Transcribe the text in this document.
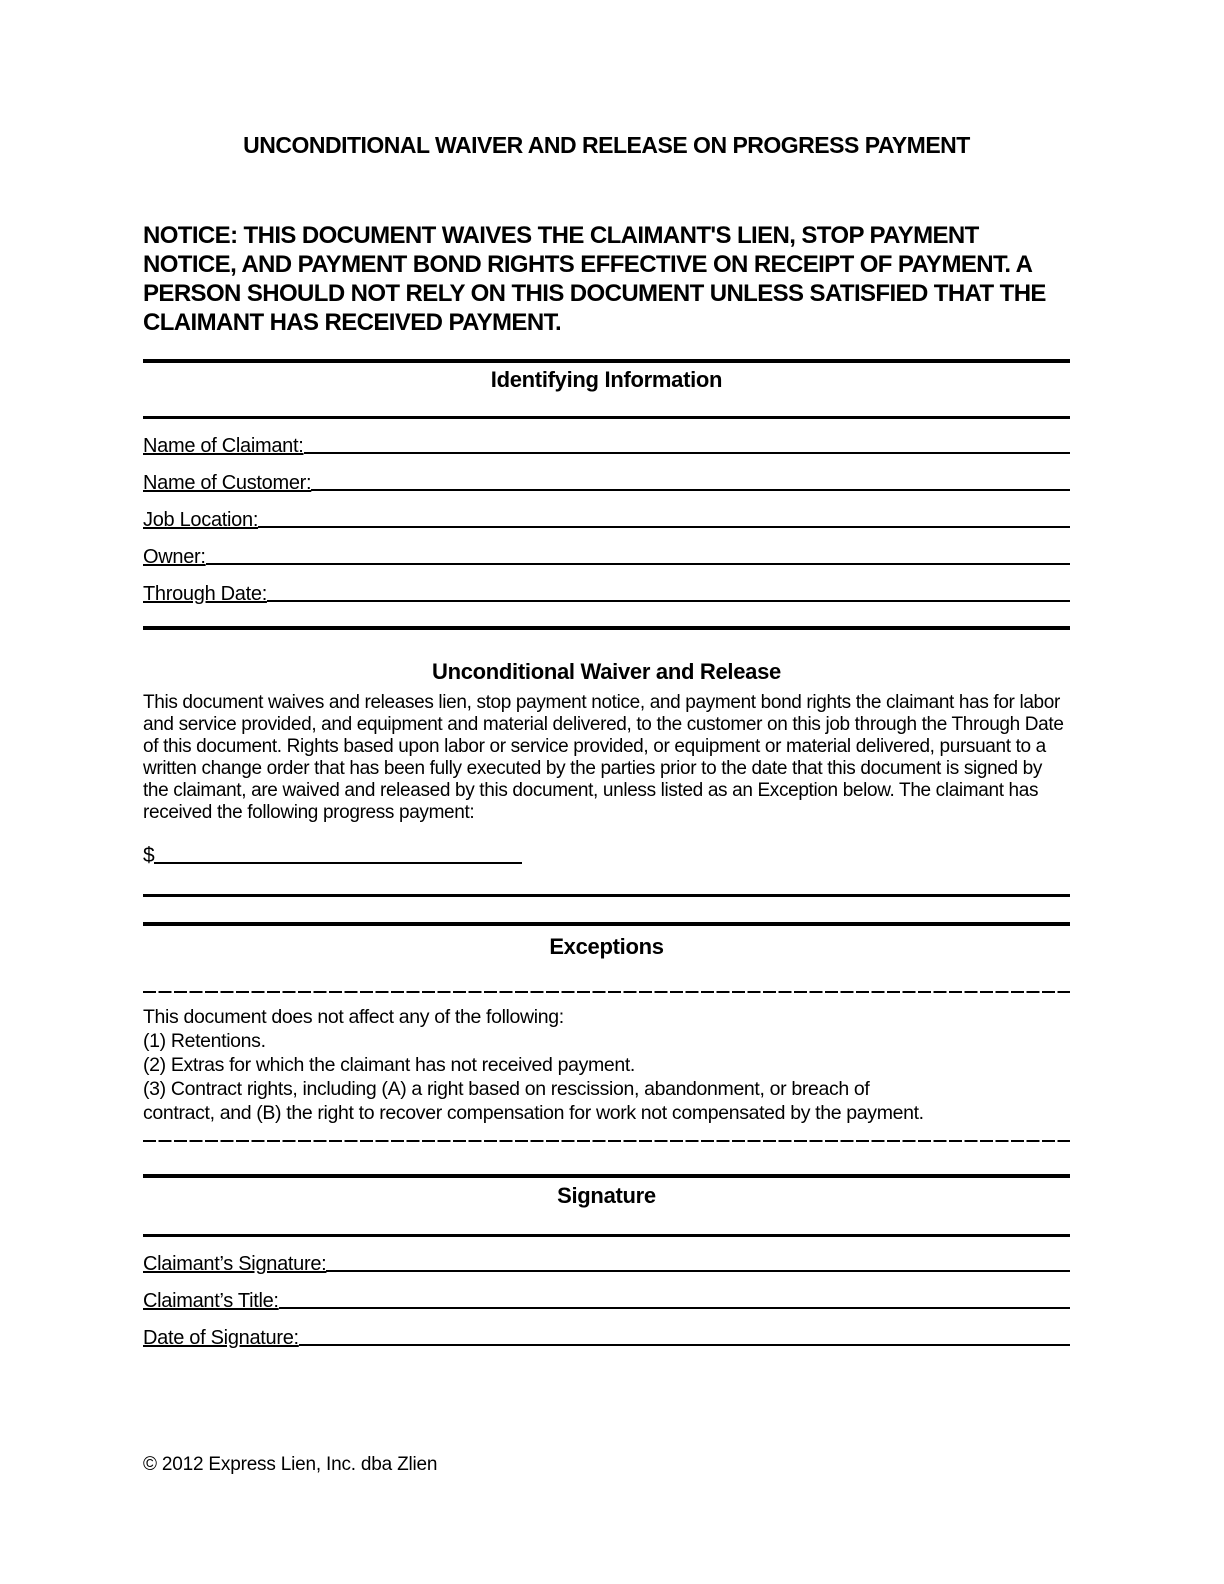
UNCONDITIONAL WAIVER AND RELEASE ON PROGRESS PAYMENT
NOTICE: THIS DOCUMENT WAIVES THE CLAIMANT'S LIEN, STOP PAYMENT NOTICE, AND PAYMENT BOND RIGHTS EFFECTIVE ON RECEIPT OF PAYMENT. A PERSON SHOULD NOT RELY ON THIS DOCUMENT UNLESS SATISFIED THAT THE CLAIMANT HAS RECEIVED PAYMENT.
Identifying Information
Name of Claimant:
Name of Customer:
Job Location:
Owner:
Through Date:
Unconditional Waiver and Release
This document waives and releases lien, stop payment notice, and payment bond rights the claimant has for labor and service provided, and equipment and material delivered, to the customer on this job through the Through Date of this document. Rights based upon labor or service provided, or equipment or material delivered, pursuant to a written change order that has been fully executed by the parties prior to the date that this document is signed by the claimant, are waived and released by this document, unless listed as an Exception below. The claimant has received the following progress payment:
$
Exceptions
This document does not affect any of the following:
(1) Retentions.
(2) Extras for which the claimant has not received payment.
(3) Contract rights, including (A) a right based on rescission, abandonment, or breach of
contract, and (B) the right to recover compensation for work not compensated by the payment.
Signature
Claimant’s Signature:
Claimant’s Title:
Date of Signature:
© 2012 Express Lien, Inc. dba Zlien
